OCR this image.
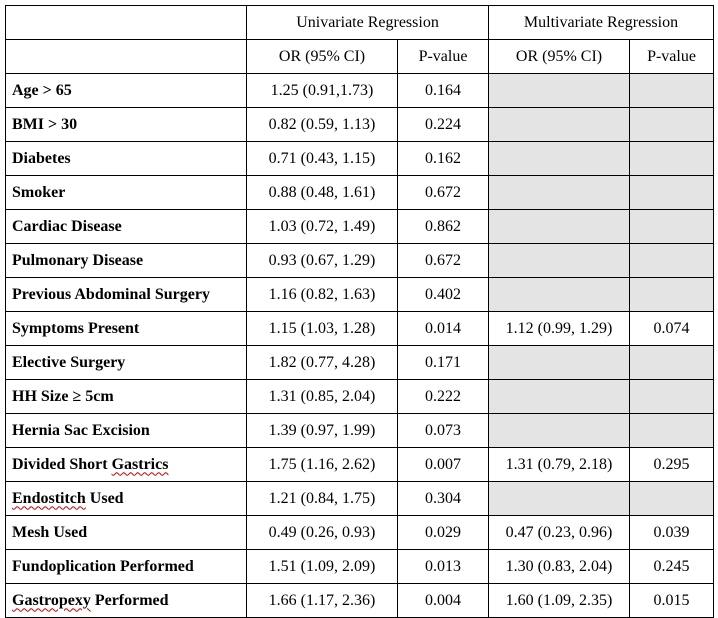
	Univariate Regression		Multivariate Regression	
	OR (95% CI)	P-value	OR (95% CI)	P-value
Age > 65	1.25 (0.91,1.73)	0.164		
BMI > 30	0.82 (0.59, 1.13)	0.224		
Diabetes	0.71 (0.43, 1.15)	0.162		
Smoker	0.88 (0.48, 1.61)	0.672		
Cardiac Disease	1.03 (0.72, 1.49)	0.862		
Pulmonary Disease	0.93 (0.67, 1.29)	0.672		
Previous Abdominal Surgery	1.16 (0.82, 1.63)	0.402		
Symptoms Present	1.15 (1.03, 1.28)	0.014	1.12 (0.99, 1.29)	0.074
Elective Surgery	1.82 (0.77, 4.28)	0.171		
HH Size ≥ 5cm	1.31 (0.85, 2.04)	0.222		
Hernia Sac Excision	1.39 (0.97, 1.99)	0.073		
Divided Short Gastrics	1.75 (1.16, 2.62)	0.007	1.31 (0.79, 2.18)	0.295
Endostitch Used	1.21 (0.84, 1.75)	0.304		
Mesh Used	0.49 (0.26, 0.93)	0.029	0.47 (0.23, 0.96)	0.039
Fundoplication Performed	1.51 (1.09, 2.09)	0.013	1.30 (0.83, 2.04)	0.245
Gastropexy Performed	1.66 (1.17, 2.36)	0.004	1.60 (1.09, 2.35)	0.015
